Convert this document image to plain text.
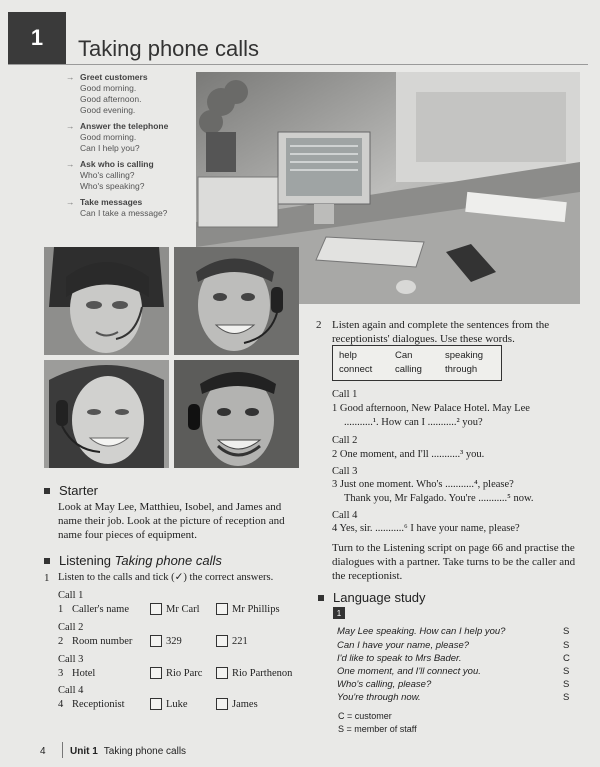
1	Taking phone calls
→ Greet customers
Good morning.
Good afternoon.
Good evening.
→ Answer the telephone
Good morning.
Can I help you?
→ Ask who is calling
Who's calling?
Who's speaking?
→ Take messages
Can I take a message?
Starter
Look at May Lee, Matthieu, Isobel, and James and name their job. Look at the picture of reception and name four pieces of equipment.
Listening Taking phone calls
1 Listen to the calls and tick (✓) the correct answers.
Call 1
1 Caller's name	Mr Carl	Mr Phillips
Call 2
2 Room number	329	221
Call 3
3 Hotel	Rio Parc	Rio Parthenon
Call 4
4 Receptionist	Luke	James
2 Listen again and complete the sentences from the receptionists' dialogues. Use these words.
help	Can	speaking
connect calling through
Call 1
1 Good afternoon, New Palace Hotel. May Lee
...........¹. How can I ...........² you?
Call 2
2 One moment, and I'll ...........³ you.
Call 3
3 Just one moment. Who's ...........⁴, please?
Thank you, Mr Falgado. You're ...........⁵ now.
Call 4
4 Yes, sir. ...........⁶ I have your name, please?
Turn to the Listening script on page 66 and practise the dialogues with a partner. Take turns to be the caller and the receptionist.
Language study
1
May Lee speaking. How can I help you?	S
Can I have your name, please?	S
I'd like to speak to Mrs Bader.	C
One moment, and I'll connect you.	S
Who's calling, please?	S
You're through now.	S
C = customer
S = member of staff
4 Unit 1 Taking phone calls
